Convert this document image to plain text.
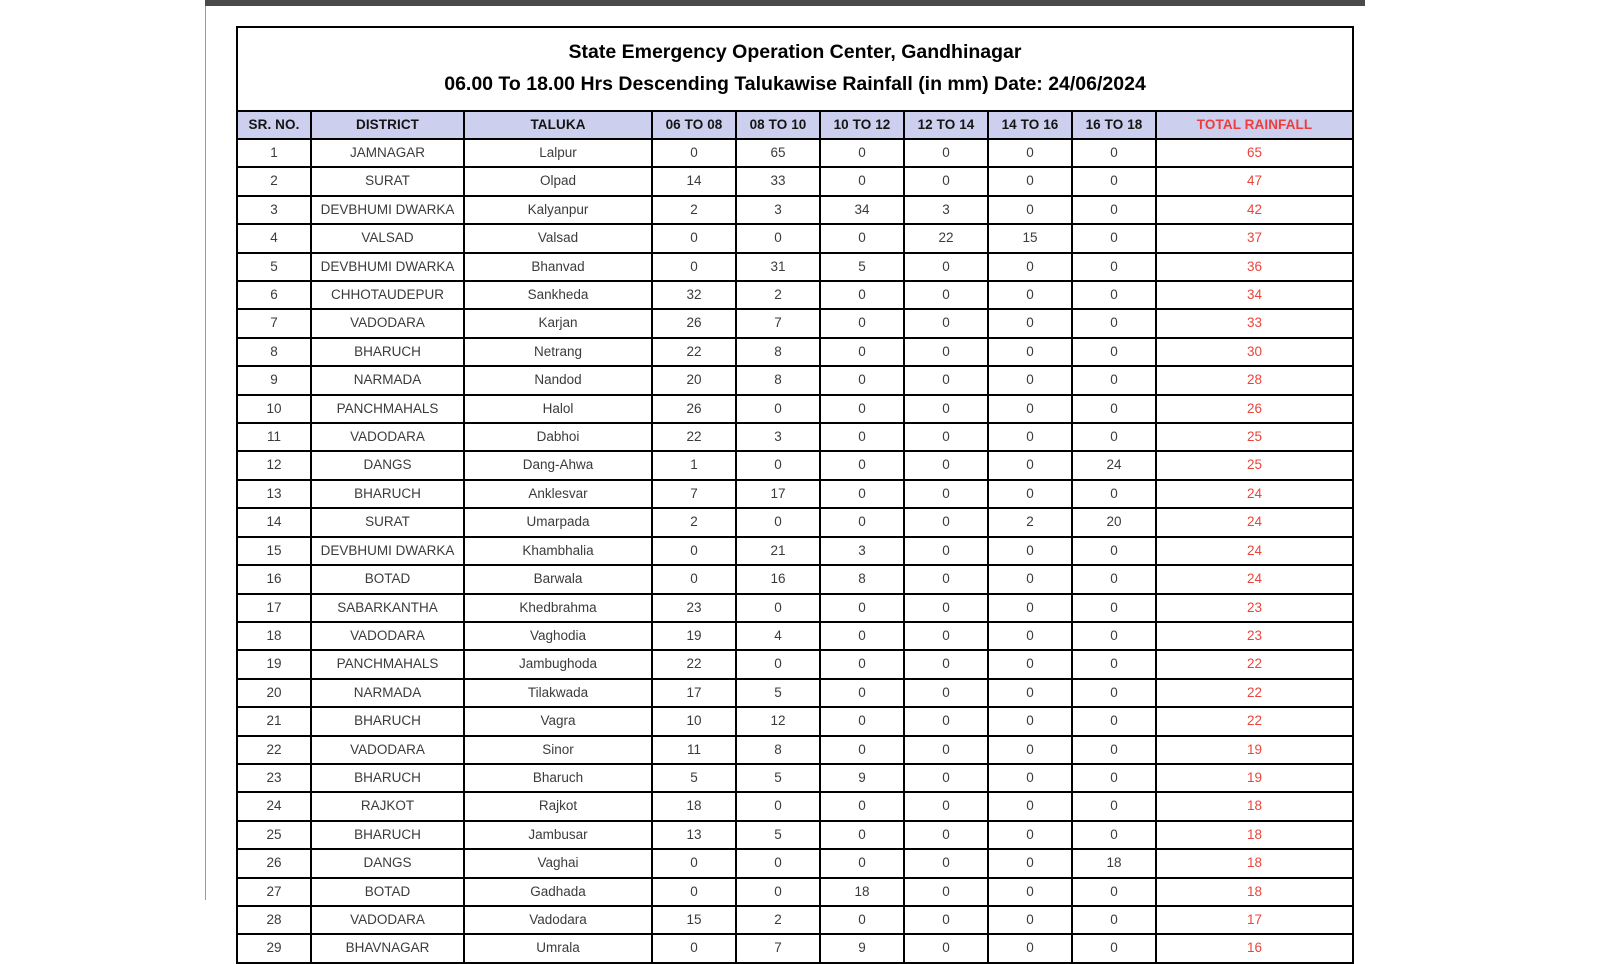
State Emergency Operation Center, Gandhinagar
06.00 To 18.00 Hrs Descending Talukawise Rainfall (in mm) Date: 24/06/2024									

SR. NO.	DISTRICT	TALUKA	06 TO 08	08 TO 10	10 TO 12	12 TO 14	14 TO 16	16 TO 18	TOTAL RAINFALL
1	JAMNAGAR	Lalpur	0	65	0	0	0	0	65
2	SURAT	Olpad	14	33	0	0	0	0	47
3	DEVBHUMI DWARKA	Kalyanpur	2	3	34	3	0	0	42
4	VALSAD	Valsad	0	0	0	22	15	0	37
5	DEVBHUMI DWARKA	Bhanvad	0	31	5	0	0	0	36
6	CHHOTAUDEPUR	Sankheda	32	2	0	0	0	0	34
7	VADODARA	Karjan	26	7	0	0	0	0	33
8	BHARUCH	Netrang	22	8	0	0	0	0	30
9	NARMADA	Nandod	20	8	0	0	0	0	28
10	PANCHMAHALS	Halol	26	0	0	0	0	0	26
11	VADODARA	Dabhoi	22	3	0	0	0	0	25
12	DANGS	Dang-Ahwa	1	0	0	0	0	24	25
13	BHARUCH	Anklesvar	7	17	0	0	0	0	24
14	SURAT	Umarpada	2	0	0	0	2	20	24
15	DEVBHUMI DWARKA	Khambhalia	0	21	3	0	0	0	24
16	BOTAD	Barwala	0	16	8	0	0	0	24
17	SABARKANTHA	Khedbrahma	23	0	0	0	0	0	23
18	VADODARA	Vaghodia	19	4	0	0	0	0	23
19	PANCHMAHALS	Jambughoda	22	0	0	0	0	0	22
20	NARMADA	Tilakwada	17	5	0	0	0	0	22
21	BHARUCH	Vagra	10	12	0	0	0	0	22
22	VADODARA	Sinor	11	8	0	0	0	0	19
23	BHARUCH	Bharuch	5	5	9	0	0	0	19
24	RAJKOT	Rajkot	18	0	0	0	0	0	18
25	BHARUCH	Jambusar	13	5	0	0	0	0	18
26	DANGS	Vaghai	0	0	0	0	0	18	18
27	BOTAD	Gadhada	0	0	18	0	0	0	18
28	VADODARA	Vadodara	15	2	0	0	0	0	17
29	BHAVNAGAR	Umrala	0	7	9	0	0	0	16
